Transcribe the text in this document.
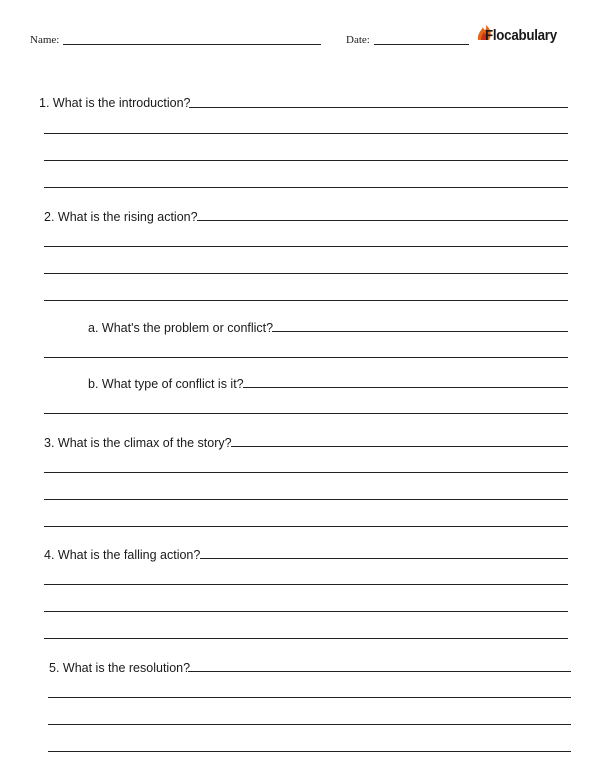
Name:	Date:	Flocabulary
1. What is the introduction?
2. What is the rising action?
a. What's the problem or conflict?
b. What type of conflict is it?
3. What is the climax of the story?
4. What is the falling action?
5. What is the resolution?
